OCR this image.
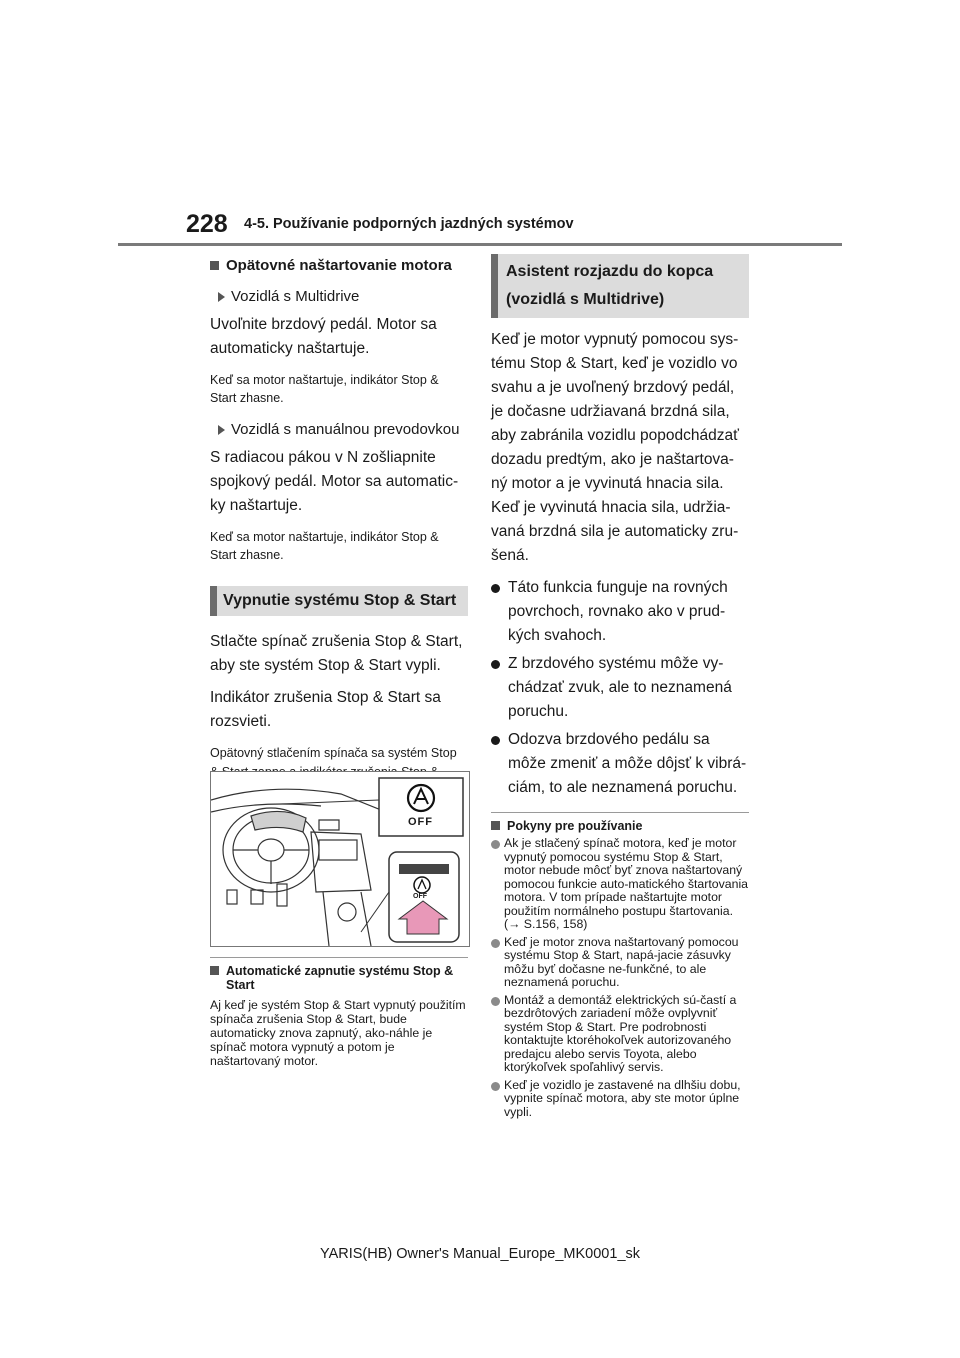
228 4-5. Používanie podporných jazdných systémov
Opätovné naštartovanie motora
Vozidlá s Multidrive
Uvoľnite brzdový pedál. Motor sa automaticky naštartuje.
Keď sa motor naštartuje, indikátor Stop & Start zhasne.
Vozidlá s manuálnou prevodovkou
S radiacou pákou v N zošliapnite spojkový pedál. Motor sa automatic-ky naštartuje.
Keď sa motor naštartuje, indikátor Stop & Start zhasne.
Vypnutie systému Stop & Start
Stlačte spínač zrušenia Stop & Start, aby ste systém Stop & Start vypli.
Indikátor zrušenia Stop & Start sa rozsvieti.
Opätovný stlačením spínača sa systém Stop
OFF
OFF
Automatické zapnutie systému Stop & Start
Aj keď je systém Stop & Start vypnutý použitím spínača zrušenia Stop & Start, bude automaticky znova zapnutý, ako-náhle je spínač motora vypnutý a potom je naštartovaný motor.
Asistent rozjazdu do kopca (vozidlá s Multidrive)
Keď je motor vypnutý pomocou sys-tému Stop & Start, keď je vozidlo vo svahu a je uvoľnený brzdový pedál, je dočasne udržiavaná brzdná sila, aby zabránila vozidlu popodchádzať dozadu predtým, ako je naštartova-ný motor a je vyvinutá hnacia sila. Keď je vyvinutá hnacia sila, udržia-vaná brzdná sila je automaticky zru-šená.
Táto funkcia funguje na rovných povrchoch, rovnako ako v prud-kých svahoch.
Z brzdového systému môže vy-chádzať zvuk, ale to neznamená poruchu.
Odozva brzdového pedálu sa môže zmeniť a môže dôjsť k vibrá-ciám, to ale neznamená poruchu.
Pokyny pre používanie
Ak je stlačený spínač motora, keď je motor vypnutý pomocou systému Stop & Start, motor nebude môcť byť znova naštartovaný pomocou funkcie auto-matického štartovania motora. V tom prípade naštartujte motor použitím normálneho postupu štartovania. (→ S.156, 158)
Keď je motor znova naštartovaný pomocou systému Stop & Start, napá-jacie zásuvky môžu byť dočasne ne-funkčné, to ale neznamená poruchu.
Montáž a demontáž elektrických sú-častí a bezdrôtových zariadení môže ovplyvniť systém Stop & Start. Pre podrobnosti kontaktujte ktoréhokoľvek autorizovaného predajcu alebo servis Toyota, alebo ktorýkoľvek spoľahlivý servis.
Keď je vozidlo je zastavené na dlhšiu dobu, vypnite spínač motora, aby ste motor úplne vypli.
YARIS(HB) Owner's Manual_Europe_MK0001_sk
